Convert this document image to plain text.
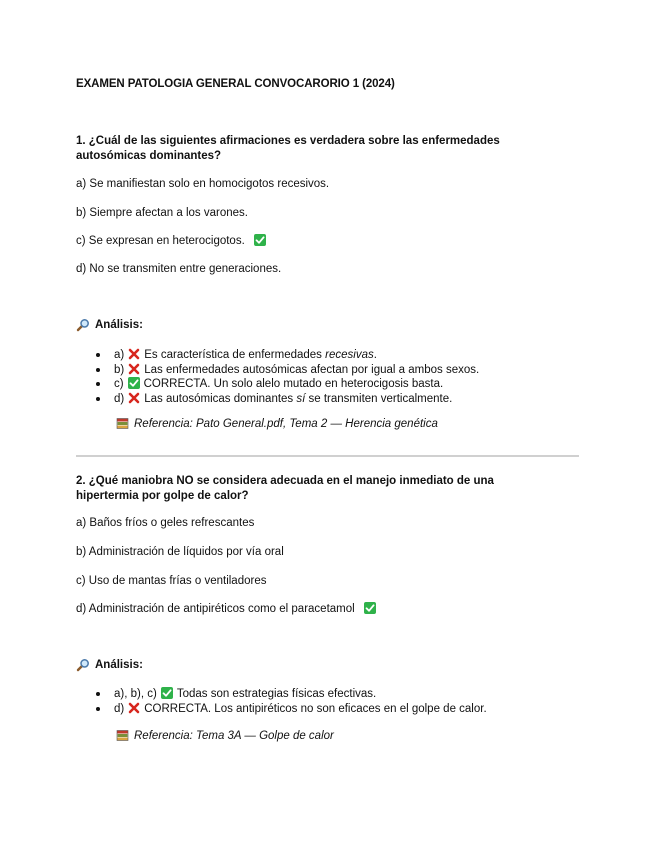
EXAMEN PATOLOGIA GENERAL CONVOCARORIO 1 (2024)
1. ¿Cuál de las siguientes afirmaciones es verdadera sobre las enfermedades autosómicas dominantes?
a) Se manifiestan solo en homocigotos recesivos.
b) Siempre afectan a los varones.
c) Se expresan en heterocigotos.
d) No se transmiten entre generaciones.
Análisis:
a) Es característica de enfermedades recesivas.
b) Las enfermedades autosómicas afectan por igual a ambos sexos.
c) CORRECTA. Un solo alelo mutado en heterocigosis basta.
d) Las autosómicas dominantes sí se transmiten verticalmente.
Referencia: Pato General.pdf, Tema 2 — Herencia genética
2. ¿Qué maniobra NO se considera adecuada en el manejo inmediato de una hipertermia por golpe de calor?
a) Baños fríos o geles refrescantes
b) Administración de líquidos por vía oral
c) Uso de mantas frías o ventiladores
d) Administración de antipiréticos como el paracetamol
Análisis:
a), b), c) Todas son estrategias físicas efectivas.
d) CORRECTA. Los antipiréticos no son eficaces en el golpe de calor.
Referencia: Tema 3A — Golpe de calor
